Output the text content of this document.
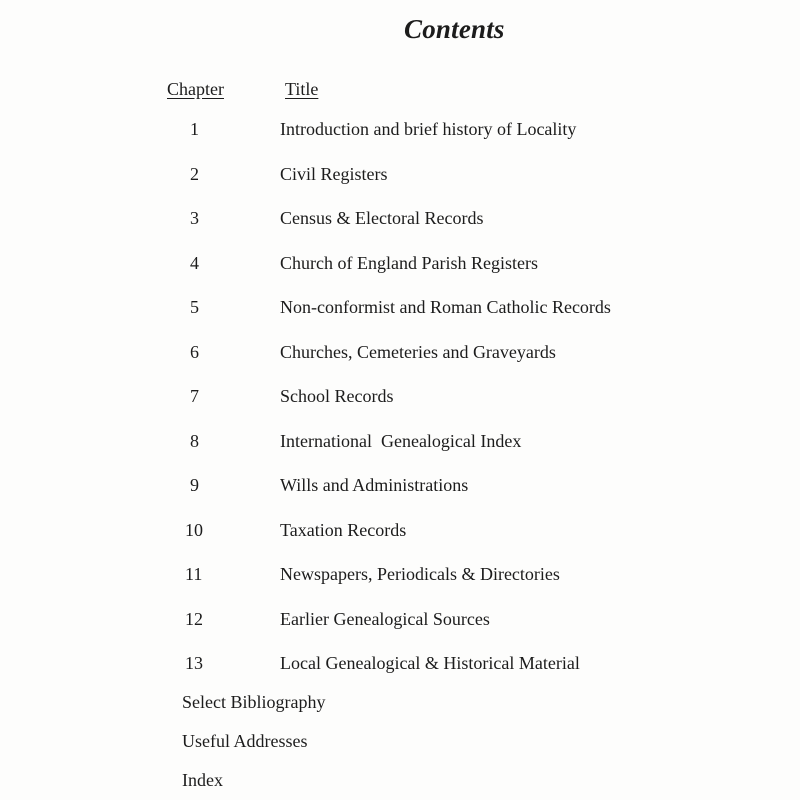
Contents
Chapter	Title
1	Introduction and brief history of Locality
2	Civil Registers
3	Census & Electoral Records
4	Church of England Parish Registers
5	Non-conformist and Roman Catholic Records
6	Churches, Cemeteries and Graveyards
7	School Records
8	International  Genealogical Index
9	Wills and Administrations
10	Taxation Records
11	Newspapers, Periodicals & Directories
12	Earlier Genealogical Sources
13	Local Genealogical & Historical Material
Select Bibliography
Useful Addresses
Index
